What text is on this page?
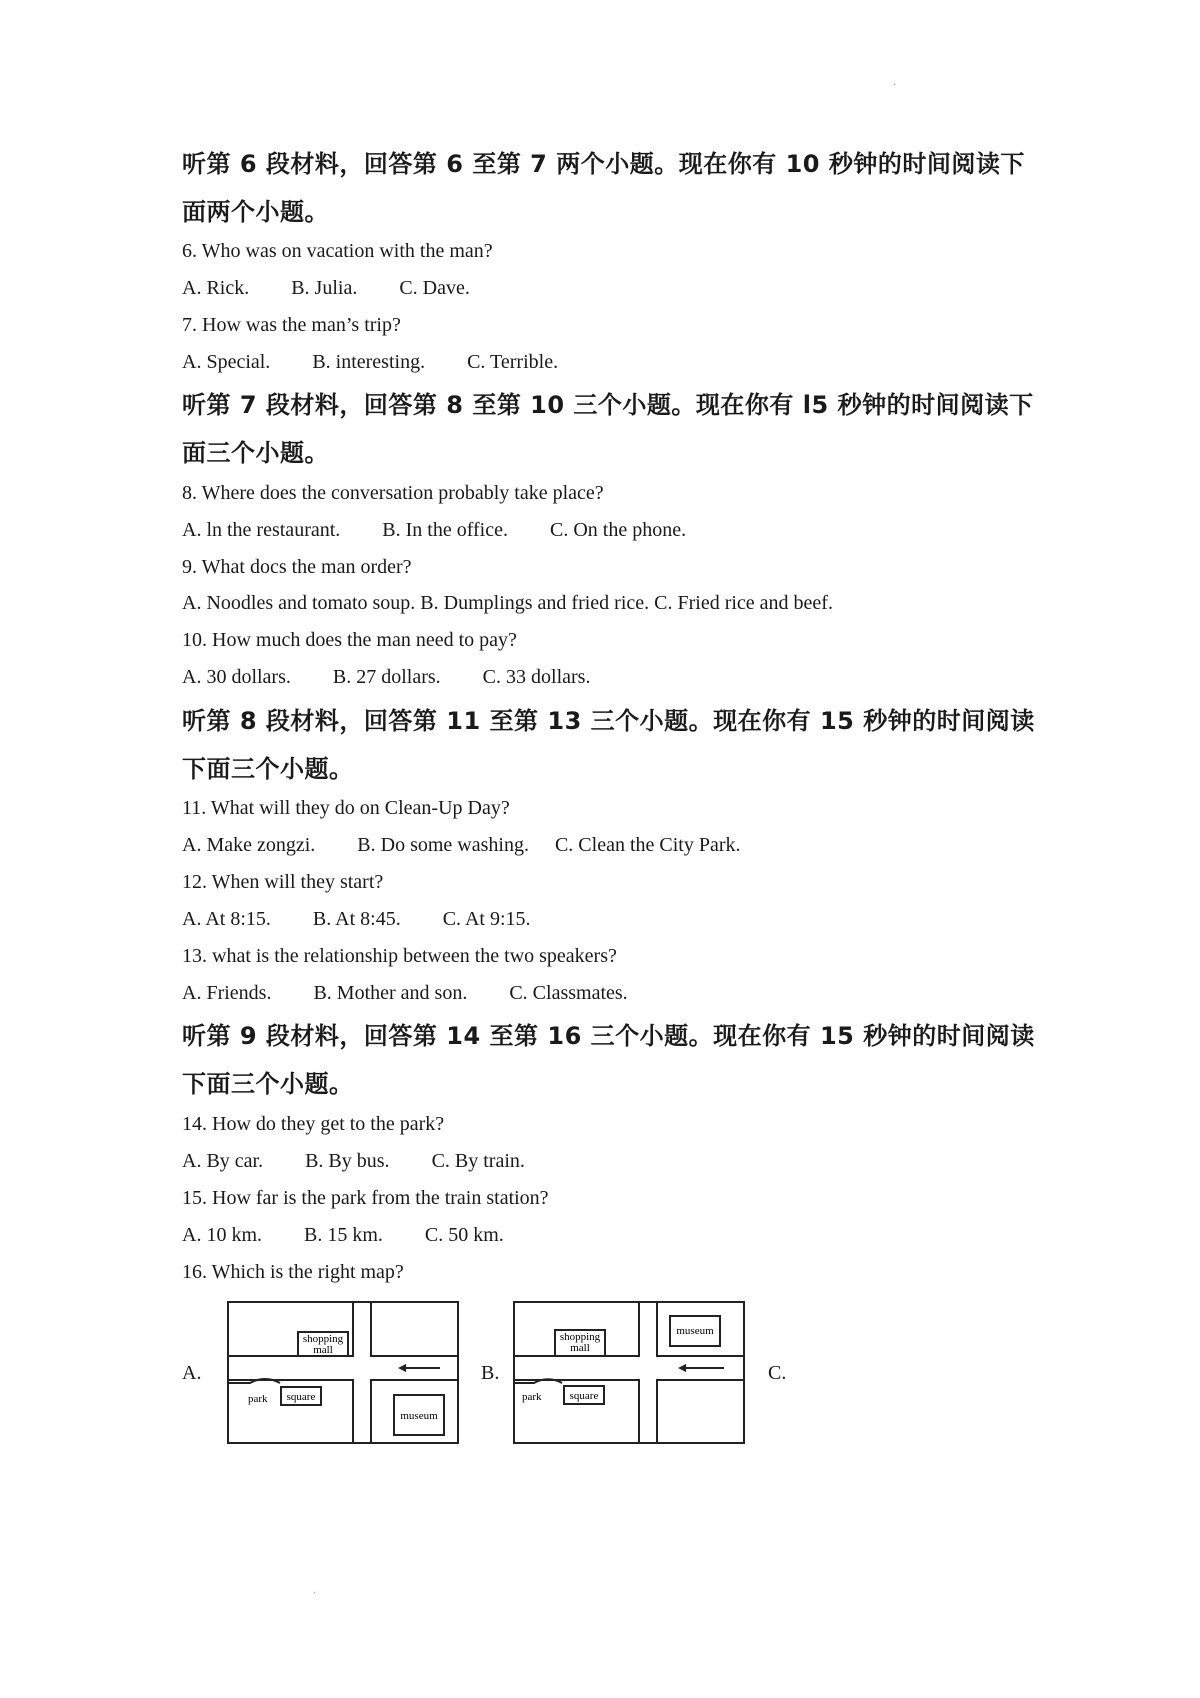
·
·
听第 6 段材料，回答第 6 至第 7 两个小题。现在你有 10 秒钟的时间阅读下面两个小题。
6. Who was on vacation with the man?
A. Rick. B. Julia. C. Dave.
7. How was the man’s trip?
A. Special. B. interesting. C. Terrible.
听第 7 段材料，回答第 8 至第 10 三个小题。现在你有 l5 秒钟的时间阅读下面三个小题。
8. Where does the conversation probably take place?
A. ln the restaurant. B. In the office. C. On the phone.
9. What docs the man order?
A. Noodles and tomato soup. B. Dumplings and fried rice. C. Fried rice and beef.
10. How much does the man need to pay?
A. 30 dollars. B. 27 dollars. C. 33 dollars.
听第 8 段材料，回答第 11 至第 13 三个小题。现在你有 15 秒钟的时间阅读下面三个小题。
11. What will they do on Clean-Up Day?
A. Make zongzi. B. Do some washing. C. Clean the City Park.
12. When will they start?
A. At 8:15. B. At 8:45. C. At 9:15.
13. what is the relationship between the two speakers?
A. Friends. B. Mother and son. C. Classmates.
听第 9 段材料，回答第 14 至第 16 三个小题。现在你有 15 秒钟的时间阅读下面三个小题。
14. How do they get to the park?
A. By car. B. By bus. C. By train.
15. How far is the park from the train station?
A. 10 km. B. 15 km. C. 50 km.
16. Which is the right map?
A.	B.	C.
shopping
mall
park square
museum
shopping
mall
museum
park	square
